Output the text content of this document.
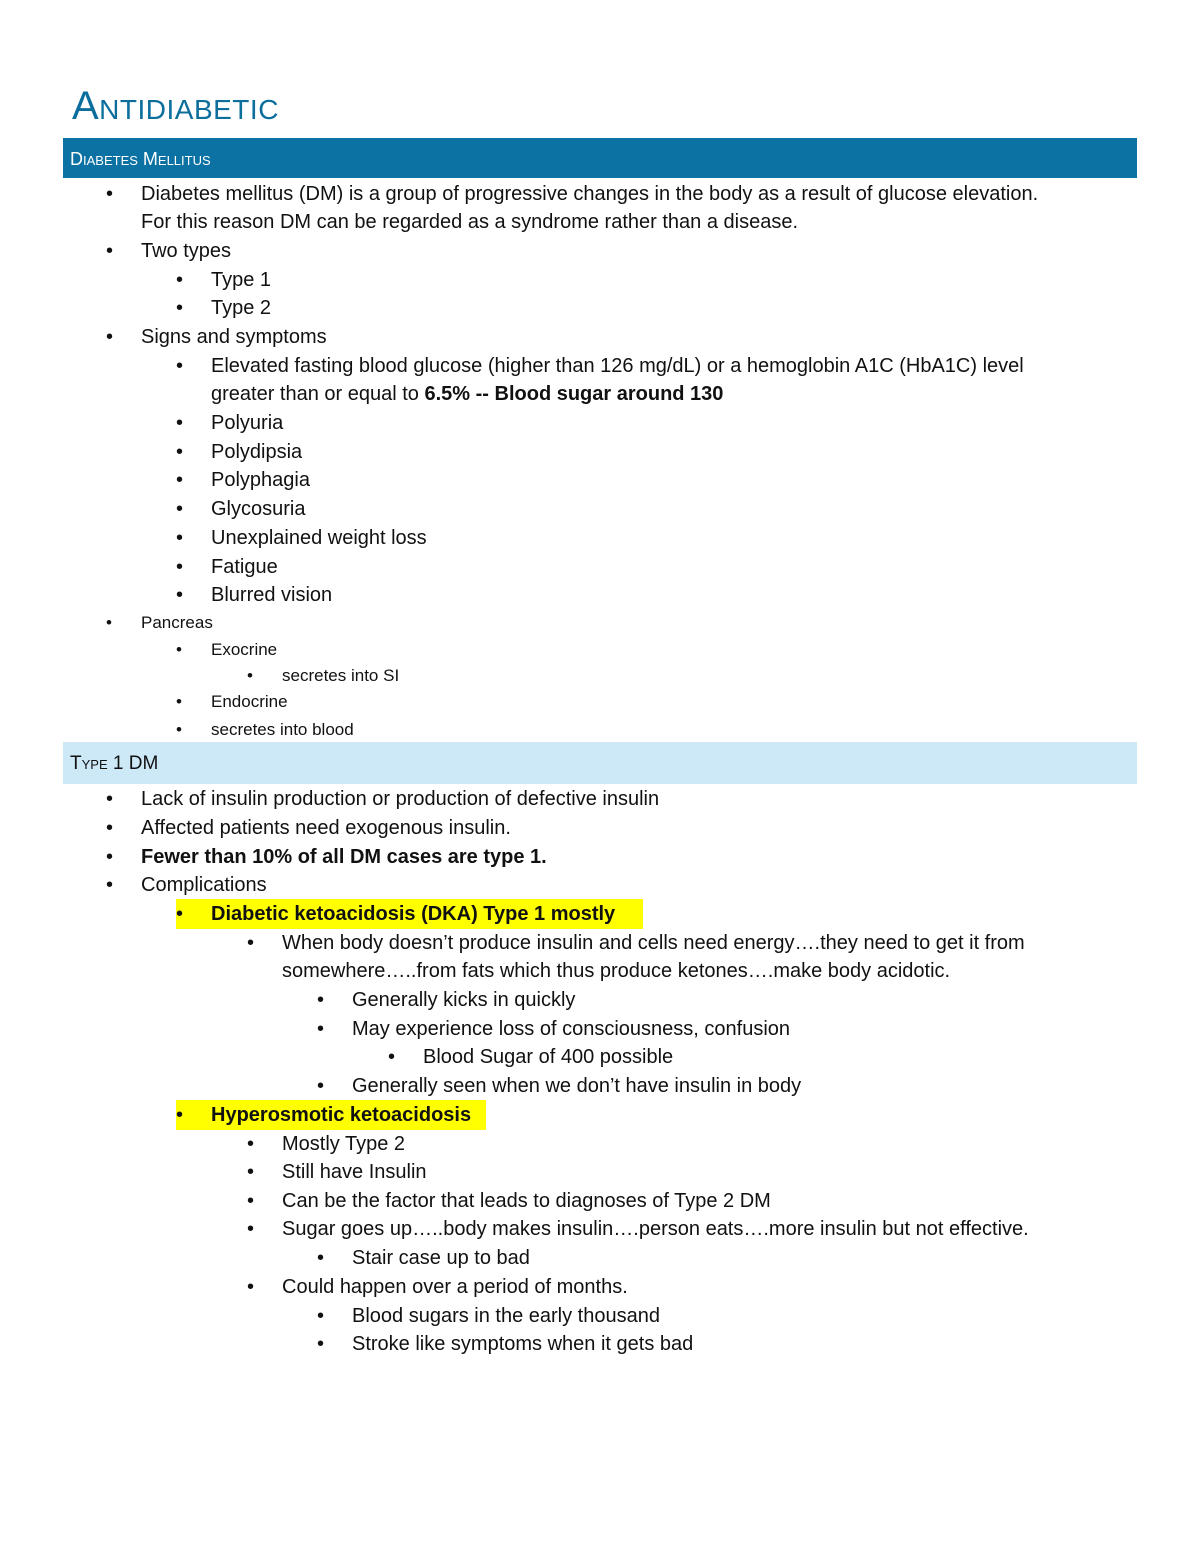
Antidiabetic
Diabetes Mellitus
•	Diabetes mellitus (DM) is a group of progressive changes in the body as a result of glucose elevation.
For this reason DM can be regarded as a syndrome rather than a disease.
•	Two types
•	Type 1
•	Type 2
•	Signs and symptoms
•	Elevated fasting blood glucose (higher than 126 mg/dL) or a hemoglobin A1C (HbA1C) level
greater than or equal to 6.5% -- Blood sugar around 130
•	Polyuria
•	Polydipsia
•	Polyphagia
•	Glycosuria
•	Unexplained weight loss
•	Fatigue
•	Blurred vision
•	Pancreas
•	Exocrine
•	secretes into SI
•	Endocrine
•	secretes into blood
Type 1 DM
•	Lack of insulin production or production of defective insulin
•	Affected patients need exogenous insulin.
•	Fewer than 10% of all DM cases are type 1.
•	Complications
•	Diabetic ketoacidosis (DKA) Type 1 mostly
•	When body doesn’t produce insulin and cells need energy….they need to get it from
somewhere…..from fats which thus produce ketones….make body acidotic.
•	Generally kicks in quickly
•	May experience loss of consciousness, confusion
•	Blood Sugar of 400 possible
•	Generally seen when we don’t have insulin in body
•	Hyperosmotic ketoacidosis
•	Mostly Type 2
•	Still have Insulin
•	Can be the factor that leads to diagnoses of Type 2 DM
•	Sugar goes up…..body makes insulin….person eats….more insulin but not effective.
•	Stair case up to bad
•	Could happen over a period of months.
•	Blood sugars in the early thousand
•	Stroke like symptoms when it gets bad
